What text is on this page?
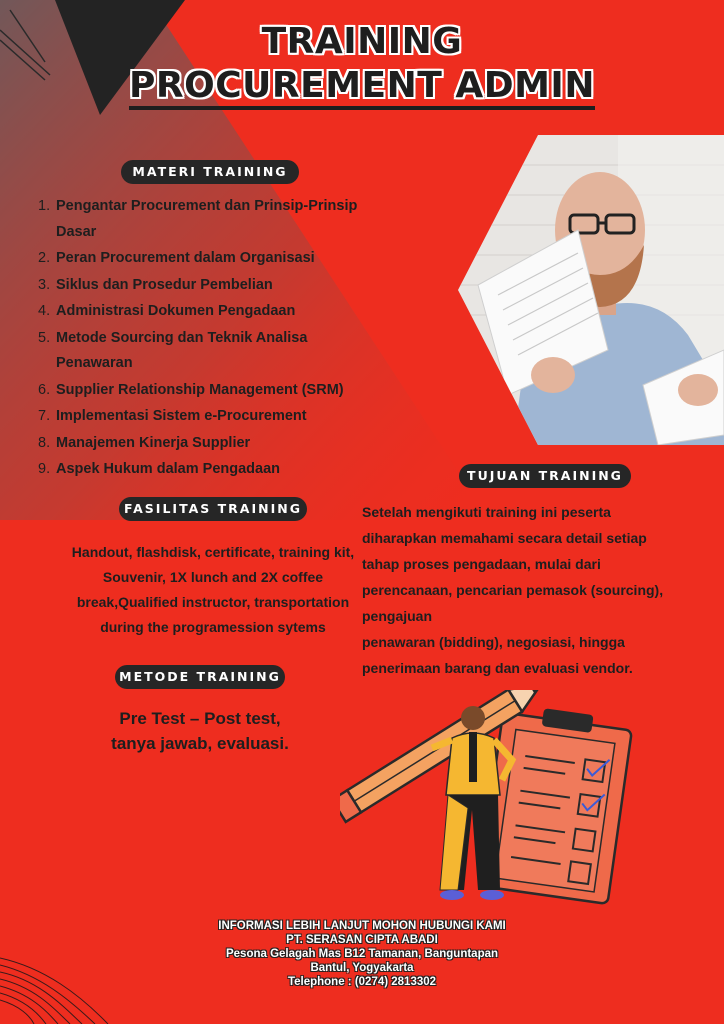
TRAINING
PROCUREMENT ADMIN
MATERI TRAINING
1. Pengantar Procurement dan Prinsip-Prinsip Dasar
2. Peran Procurement dalam Organisasi
3. Siklus dan Prosedur Pembelian
4. Administrasi Dokumen Pengadaan
5. Metode Sourcing dan Teknik Analisa Penawaran
6. Supplier Relationship Management (SRM)
7. Implementasi Sistem e-Procurement
8. Manajemen Kinerja Supplier
9. Aspek Hukum dalam Pengadaan
FASILITAS TRAINING
Handout, flashdisk, certificate, training kit, Souvenir, 1X lunch and 2X coffee break,Qualified instructor, transportation during the programession sytems
METODE TRAINING
Pre Test – Post test,
tanya jawab, evaluasi.
TUJUAN TRAINING
Setelah mengikuti training ini peserta
diharapkan memahami secara detail setiap
tahap proses pengadaan, mulai dari
perencanaan, pencarian pemasok (sourcing),
pengajuan
penawaran (bidding), negosiasi, hingga
penerimaan barang dan evaluasi vendor.
INFORMASI LEBIH LANJUT MOHON HUBUNGI KAMI
PT. SERASAN CIPTA ABADI
Pesona Gelagah Mas B12 Tamanan, Banguntapan
Bantul, Yogyakarta
Telephone : (0274) 2813302
